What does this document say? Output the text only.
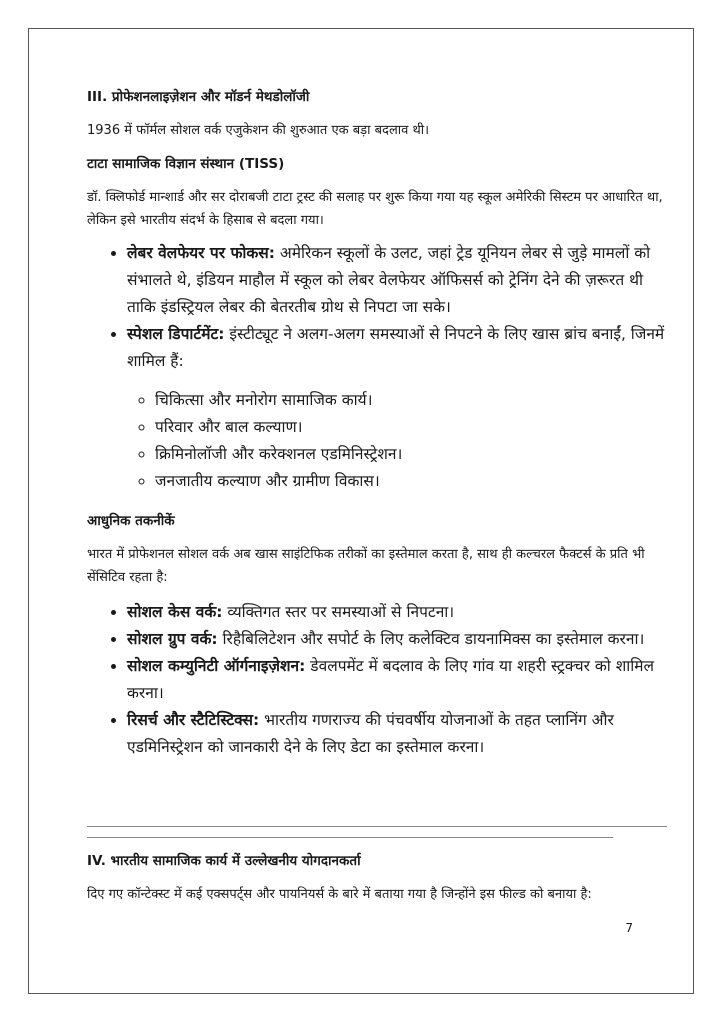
III. प्रोफेशनलाइज़ेशन और मॉडर्न मेथडोलॉजी

1936 में फॉर्मल सोशल वर्क एजुकेशन की शुरुआत एक बड़ा बदलाव थी।

टाटा सामाजिक विज्ञान संस्थान (TISS)

डॉ. क्लिफोर्ड मान्शार्ड और सर दोराबजी टाटा ट्रस्ट की सलाह पर शुरू किया गया यह स्कूल अमेरिकी सिस्टम पर आधारित था, लेकिन इसे भारतीय संदर्भ के हिसाब से बदला गया।

• लेबर वेलफेयर पर फोकस: अमेरिकन स्कूलों के उलट, जहां ट्रेड यूनियन लेबर से जुड़े मामलों को संभालते थे, इंडियन माहौल में स्कूल को लेबर वेलफेयर ऑफिसर्स को ट्रेनिंग देने की ज़रूरत थी ताकि इंडस्ट्रियल लेबर की बेतरतीब ग्रोथ से निपटा जा सके।
• स्पेशल डिपार्टमेंट: इंस्टीट्यूट ने अलग-अलग समस्याओं से निपटने के लिए खास ब्रांच बनाईं, जिनमें शामिल हैं:
◦ चिकित्सा और मनोरोग सामाजिक कार्य।
◦ परिवार और बाल कल्याण।
◦ क्रिमिनोलॉजी और करेक्शनल एडमिनिस्ट्रेशन।
◦ जनजातीय कल्याण और ग्रामीण विकास।

आधुनिक तकनीकें

भारत में प्रोफेशनल सोशल वर्क अब खास साइंटिफिक तरीकों का इस्तेमाल करता है, साथ ही कल्चरल फैक्टर्स के प्रति भी सेंसिटिव रहता है:

• सोशल केस वर्क: व्यक्तिगत स्तर पर समस्याओं से निपटना।
• सोशल ग्रुप वर्क: रिहैबिलिटेशन और सपोर्ट के लिए कलेक्टिव डायनामिक्स का इस्तेमाल करना।
• सोशल कम्युनिटी ऑर्गनाइज़ेशन: डेवलपमेंट में बदलाव के लिए गांव या शहरी स्ट्रक्चर को शामिल करना।
• रिसर्च और स्टैटिस्टिक्स: भारतीय गणराज्य की पंचवर्षीय योजनाओं के तहत प्लानिंग और एडमिनिस्ट्रेशन को जानकारी देने के लिए डेटा का इस्तेमाल करना।

IV. भारतीय सामाजिक कार्य में उल्लेखनीय योगदानकर्ता

दिए गए कॉन्टेक्स्ट में कई एक्सपर्ट्स और पायनियर्स के बारे में बताया गया है जिन्होंने इस फील्ड को बनाया है:

7
